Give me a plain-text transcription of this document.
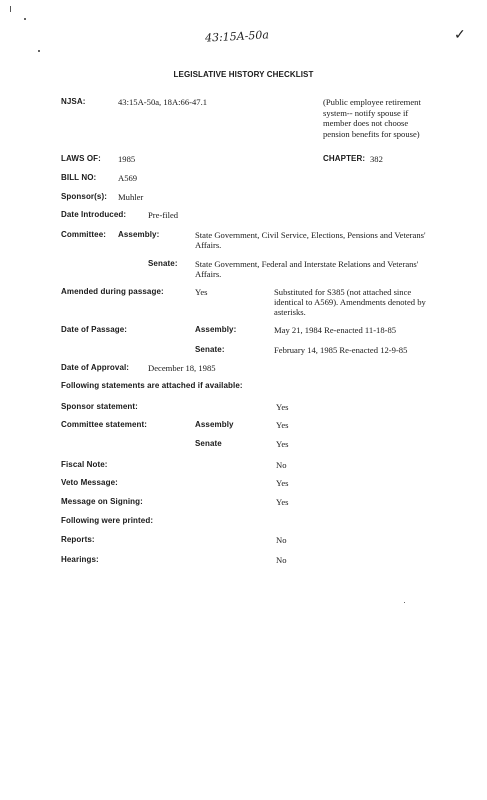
43:15A-50a	✓
LEGISLATIVE HISTORY CHECKLIST
NJSA:	43:15A-50a, 18A:66-47.1	(Public employee retirement system-- notify spouse if member does not choose pension benefits for spouse)
LAWS OF: 1985	CHAPTER: 382
BILL NO:	A569
Sponsor(s): Muhler
Date Introduced:	Pre-filed
Committee: Assembly:	State Government, Civil Service, Elections, Pensions and Veterans' Affairs.
Senate: State Government, Federal and Interstate Relations and Veterans' Affairs.
Amended during passage:	Yes	Substituted for S385 (not attached since identical to A569). Amendments denoted by asterisks.
Date of Passage:	Assembly:	May 21, 1984 Re-enacted 11-18-85
Senate:	February 14, 1985 Re-enacted 12-9-85
Date of Approval: December 18, 1985
Following statements are attached if available:
Sponsor statement:	Yes
Committee statement:	Assembly	Yes
Senate	Yes
Fiscal Note:	No
Veto Message:	Yes
Message on Signing:	Yes
Following were printed:
Reports:	No
Hearings:	No
